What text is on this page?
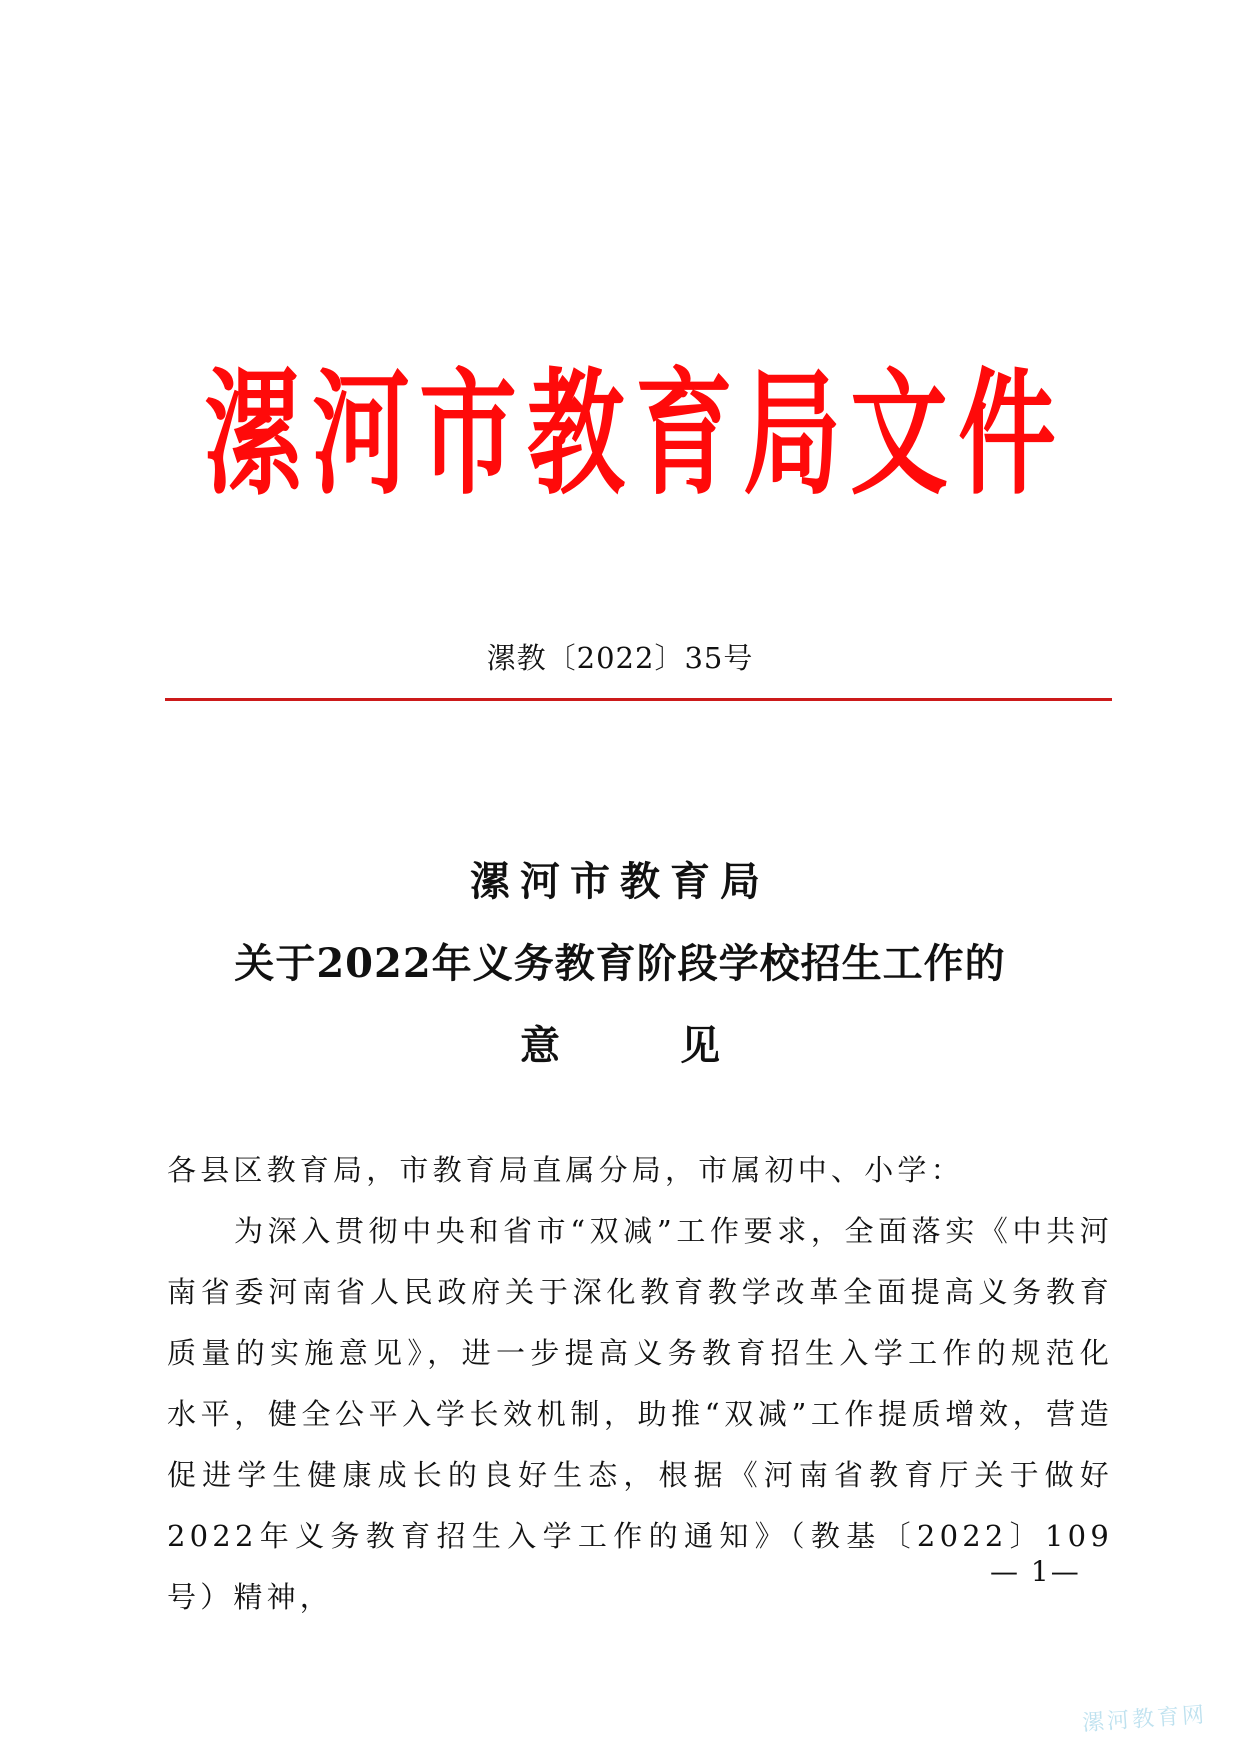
漯 河 市 教 育 局 文 件
漯教〔2022〕35号
漯河市教育局
关于2022年义务教育阶段学校招生工作的
意	见

各县区教育局，市教育局直属分局，市属初中、小学：

为深入贯彻中央和省市“双减”工作要求，全面落实《中共河南省委河南省人民政府关于深化教育教学改革全面提高义务教育质量的实施意见》，进一步提高义务教育招生入学工作的规范化水平，健全公平入学长效机制，助推“双减”工作提质增效，营造促进学生健康成长的良好生态，根据《河南省教育厅关于做好2022年义务教育招生入学工作的通知》（教基〔2022〕109号）精神，

— 1—
漯河教育网
